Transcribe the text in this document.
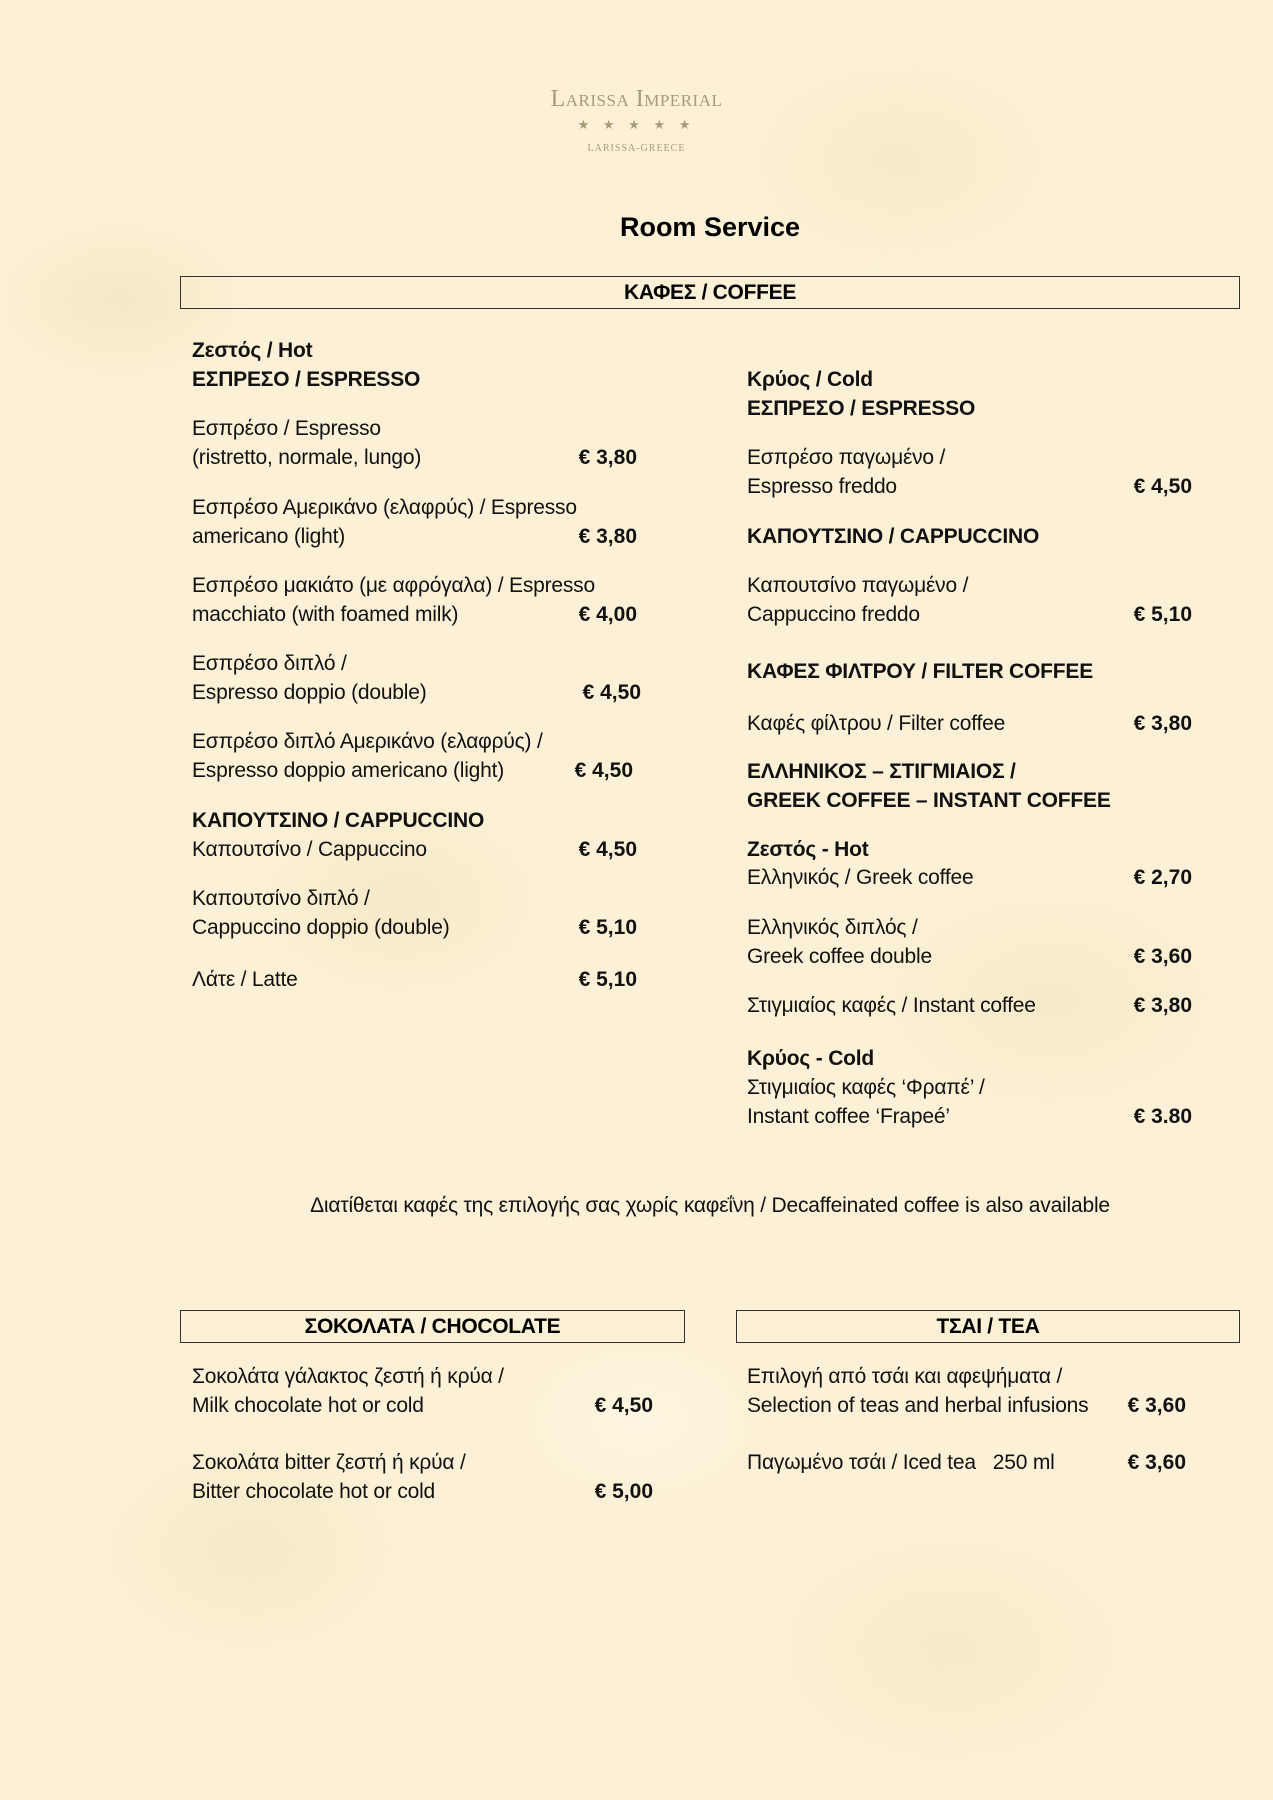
Larissa Imperial
★ ★ ★ ★ ★
LARISSA-GREECE
Room Service
ΚΑΦΕΣ / COFFEE
Ζεστός / Hot
ΕΣΠΡΕΣΟ / ESPRESSO
Εσπρέσο / Espresso
(ristretto, normale, lungo)	€ 3,80
Εσπρέσο Αμερικάνο (ελαφρύς) / Espresso
americano (light)	€ 3,80
Εσπρέσο μακιάτο (με αφρόγαλα) / Espresso
macchiato (with foamed milk)	€ 4,00
Εσπρέσο διπλό /
Espresso doppio (double)	€ 4,50
Εσπρέσο διπλό Αμερικάνο (ελαφρύς) /
Espresso doppio americano (light)	€ 4,50
ΚΑΠΟΥΤΣΙΝΟ / CAPPUCCINO
Καπουτσίνο / Cappuccino	€ 4,50
Καπουτσίνο διπλό /
Cappuccino doppio (double)	€ 5,10
Λάτε / Latte	€ 5,10
Κρύος / Cold
ΕΣΠΡΕΣΟ / ESPRESSO
Εσπρέσο παγωμένο /
Espresso freddo	€ 4,50
ΚΑΠΟΥΤΣΙΝΟ / CAPPUCCINO
Καπουτσίνο παγωμένο /
Cappuccino freddo	€ 5,10
ΚΑΦΕΣ ΦΙΛΤΡΟΥ / FILTER COFFEE
Καφές φίλτρου / Filter coffee	€ 3,80
ΕΛΛΗΝΙΚΟΣ – ΣΤΙΓΜΙΑΙΟΣ /
GREEK COFFEE – INSTANT COFFEE
Ζεστός - Hot
Ελληνικός / Greek coffee	€ 2,70
Ελληνικός διπλός /
Greek coffee double	€ 3,60
Στιγμιαίος καφές / Instant coffee	€ 3,80
Κρύος - Cold
Στιγμιαίος καφές ‘Φραπέ’ /
Instant coffee ‘Frapeé’	€ 3.80
Διατίθεται καφές της επιλογής σας χωρίς καφεΐνη / Decaffeinated coffee is also available
ΣΟΚΟΛΑΤΑ / CHOCOLATE
Σοκολάτα γάλακτος ζεστή ή κρύα /
Milk chocolate hot or cold	€ 4,50
Σοκολάτα bitter ζεστή ή κρύα /
Bitter chocolate hot or cold	€ 5,00
ΤΣΑΙ / TEA
Επιλογή από τσάι και αφεψήματα /
Selection of teas and herbal infusions	€ 3,60
Παγωμένο τσάι / Iced tea   250 ml	€ 3,60
